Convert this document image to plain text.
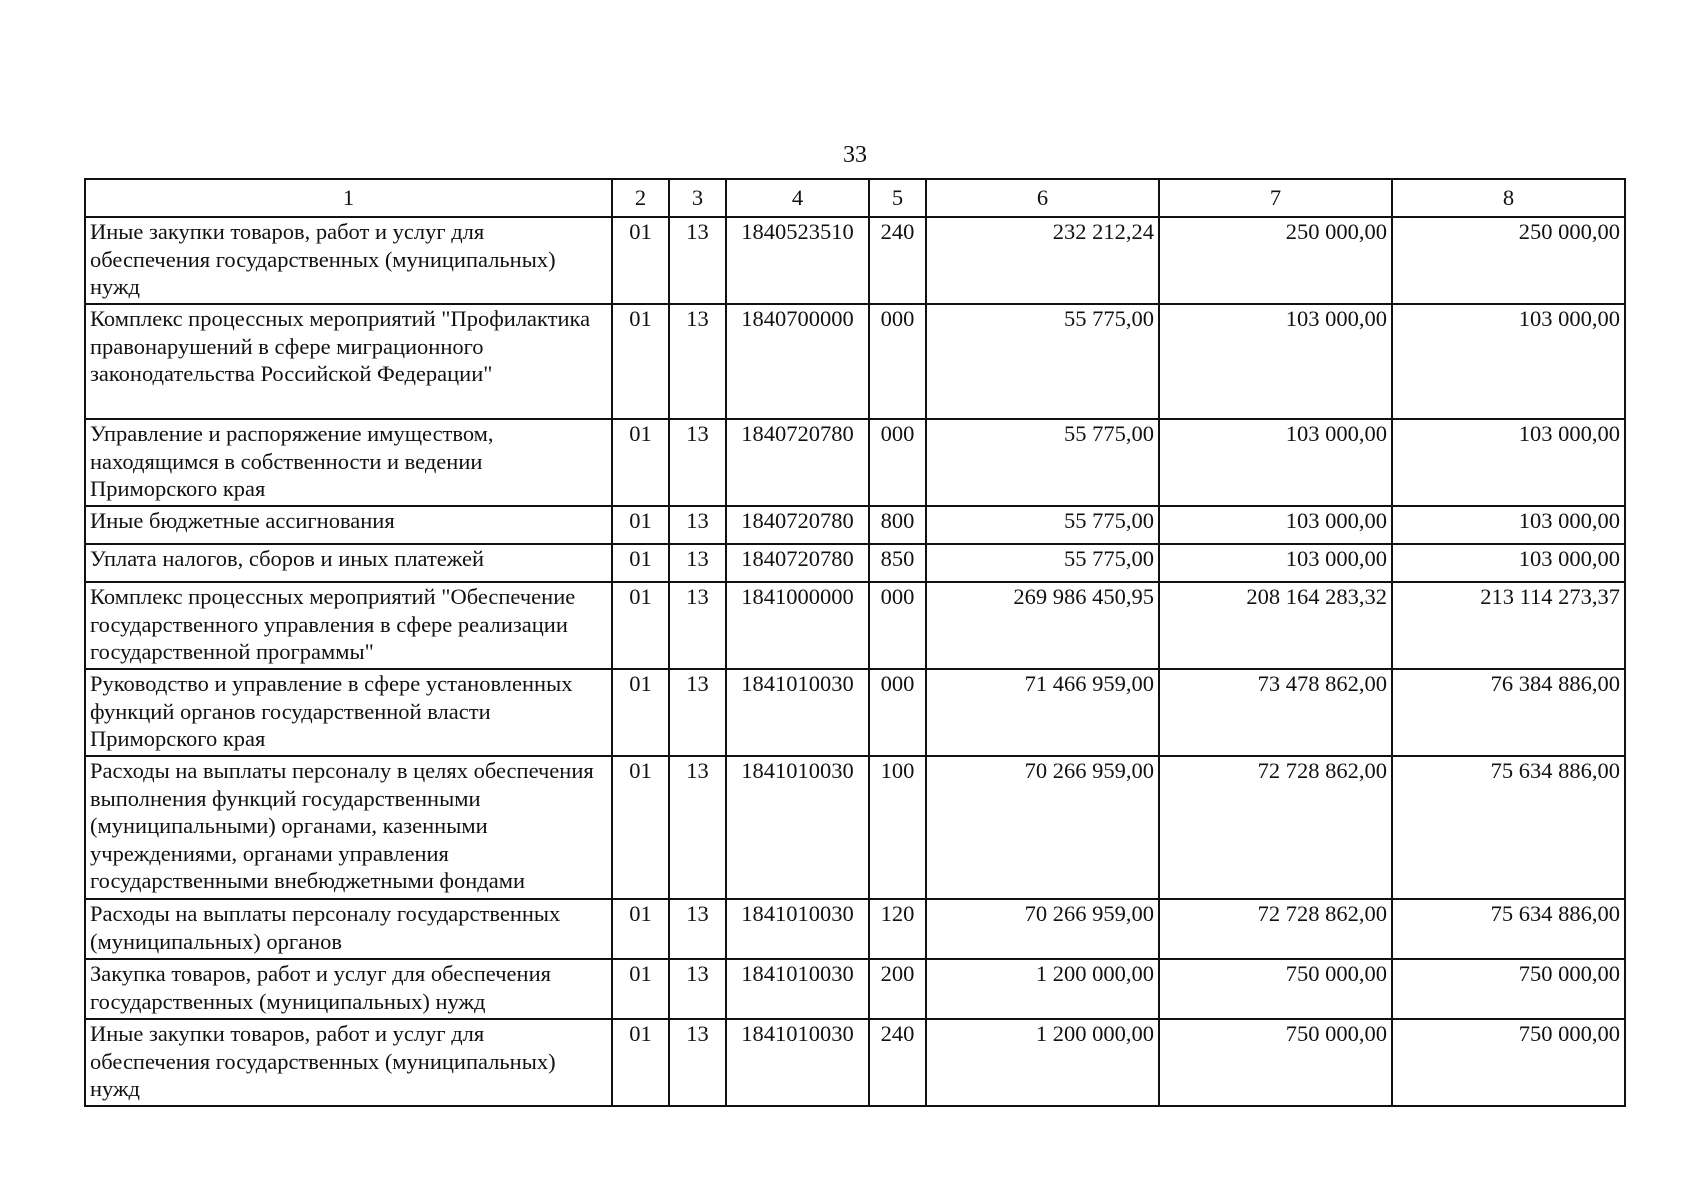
33
1	2	3	4	5	6	7	8
Иные закупки товаров, работ и услуг для обеспечения государственных (муниципальных) нужд	01	13	1840523510	240	232 212,24	250 000,00	250 000,00
Комплекс процессных мероприятий "Профилактика правонарушений в сфере миграционного законодательства Российской Федерации"	01	13	1840700000	000	55 775,00	103 000,00	103 000,00
Управление и распоряжение имуществом, находящимся в собственности и ведении Приморского края	01	13	1840720780	000	55 775,00	103 000,00	103 000,00
Иные бюджетные ассигнования	01	13	1840720780	800	55 775,00	103 000,00	103 000,00
Уплата налогов, сборов и иных платежей	01	13	1840720780	850	55 775,00	103 000,00	103 000,00
Комплекс процессных мероприятий "Обеспечение государственного управления в сфере реализации государственной программы"	01	13	1841000000	000	269 986 450,95	208 164 283,32	213 114 273,37
Руководство и управление в сфере установленных функций органов государственной власти Приморского края	01	13	1841010030	000	71 466 959,00	73 478 862,00	76 384 886,00
Расходы на выплаты персоналу в целях обеспечения выполнения функций государственными (муниципальными) органами, казенными учреждениями, органами управления государственными внебюджетными фондами	01	13	1841010030	100	70 266 959,00	72 728 862,00	75 634 886,00
Расходы на выплаты персоналу государственных (муниципальных) органов	01	13	1841010030	120	70 266 959,00	72 728 862,00	75 634 886,00
Закупка товаров, работ и услуг для обеспечения государственных (муниципальных) нужд	01	13	1841010030	200	1 200 000,00	750 000,00	750 000,00
Иные закупки товаров, работ и услуг для обеспечения государственных (муниципальных) нужд	01	13	1841010030	240	1 200 000,00	750 000,00	750 000,00
